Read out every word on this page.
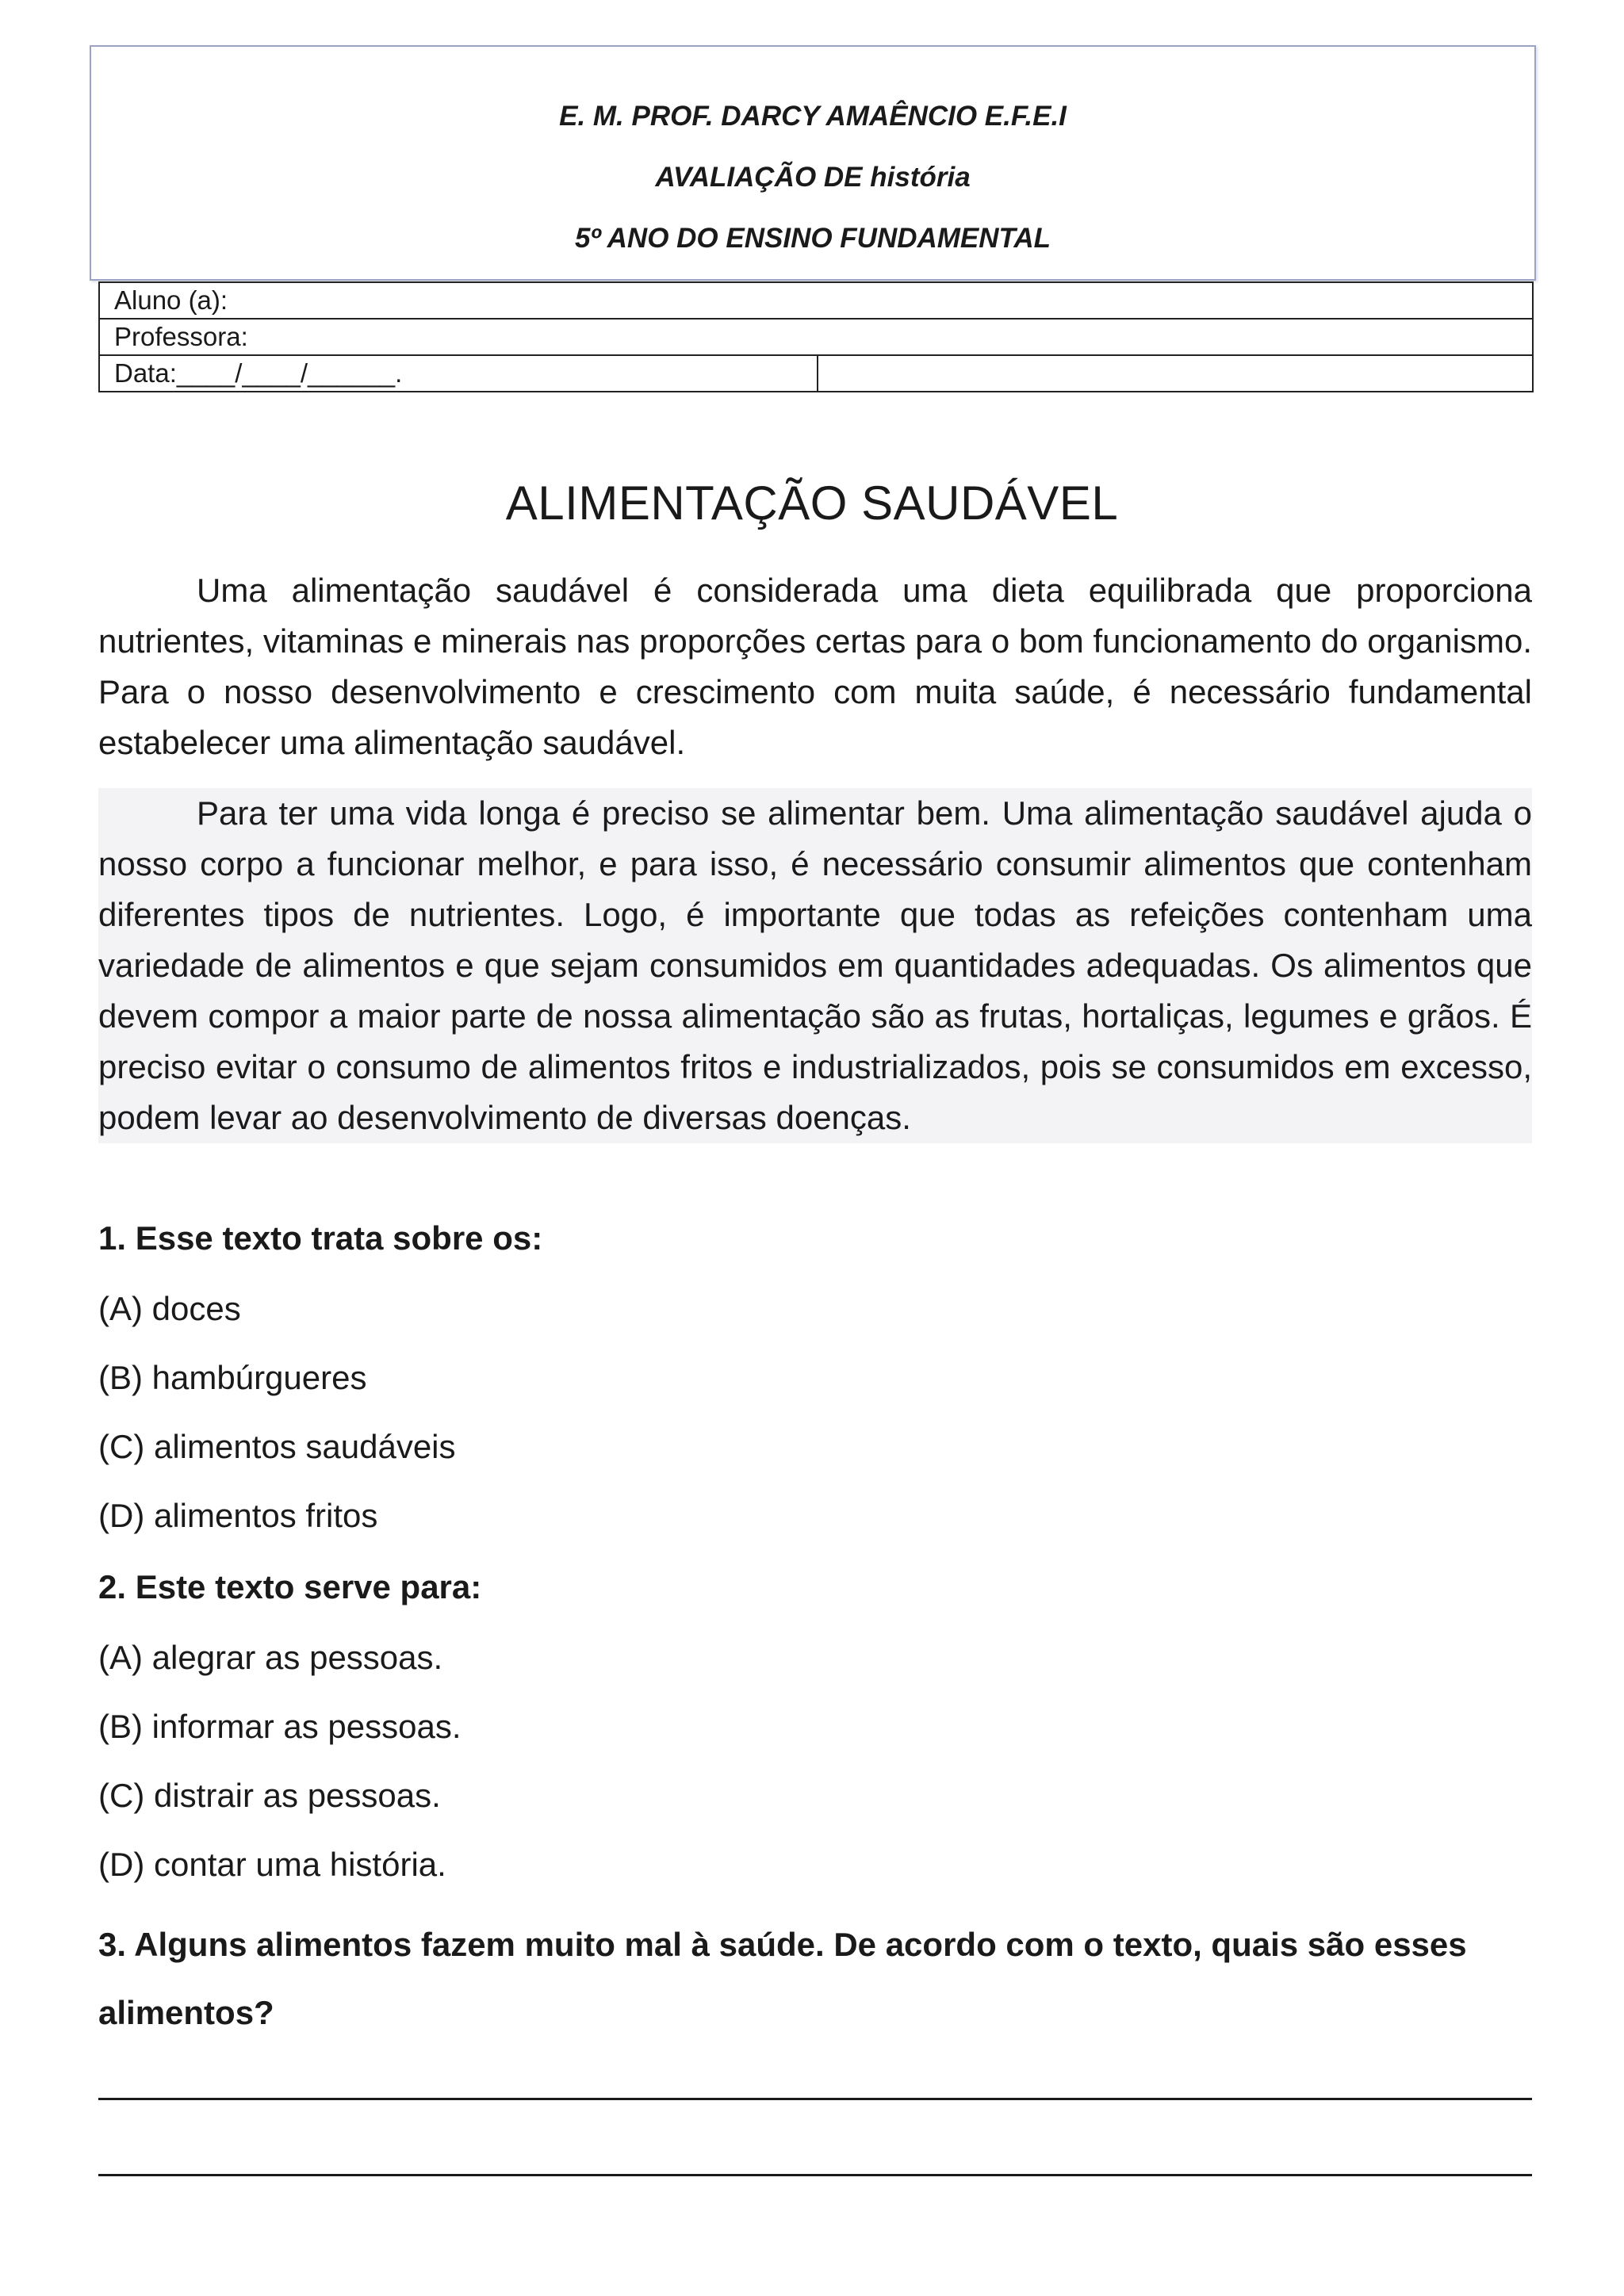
E. M. PROF. DARCY AMAÊNCIO E.F.E.I
AVALIAÇÃO DE história
5º ANO DO ENSINO FUNDAMENTAL
Aluno (a):
Professora:
Data:____/____/______.	
ALIMENTAÇÃO SAUDÁVEL

Uma alimentação saudável é considerada uma dieta equilibrada que proporciona nutrientes, vitaminas e minerais nas proporções certas para o bom funcionamento do organismo. Para o nosso desenvolvimento e crescimento com muita saúde, é necessário fundamental estabelecer uma alimentação saudável.

Para ter uma vida longa é preciso se alimentar bem. Uma alimentação saudável ajuda o nosso corpo a funcionar melhor, e para isso, é necessário consumir alimentos que contenham diferentes tipos de nutrientes. Logo, é importante que todas as refeições contenham uma variedade de alimentos e que sejam consumidos em quantidades adequadas. Os alimentos que devem compor a maior parte de nossa alimentação são as frutas, hortaliças, legumes e grãos. É preciso evitar o consumo de alimentos fritos e industrializados, pois se consumidos em excesso, podem levar ao desenvolvimento de diversas doenças.

1. Esse texto trata sobre os:

(A) doces

(B) hambúrgueres

(C) alimentos saudáveis

(D) alimentos fritos

2. Este texto serve para:

(A) alegrar as pessoas.

(B) informar as pessoas.

(C) distrair as pessoas.

(D) contar uma história.

3. Alguns alimentos fazem muito mal à saúde. De acordo com o texto, quais são esses alimentos?
